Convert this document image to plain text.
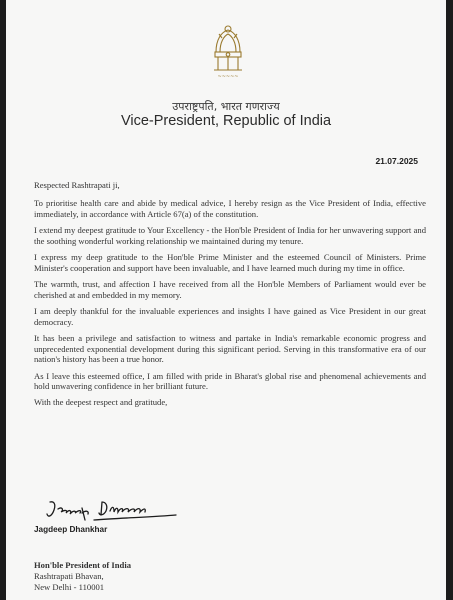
~~~~~
उपराष्ट्रपति, भारत गणराज्य
Vice-President, Republic of India
21.07.2025

Respected Rashtrapati ji,

To prioritise health care and abide by medical advice, I hereby resign as the Vice President of India, effective immediately, in accordance with Article 67(a) of the constitution.

I extend my deepest gratitude to Your Excellency - the Hon'ble President of India for her unwavering support and the soothing wonderful working relationship we maintained during my tenure.

I express my deep gratitude to the Hon'ble Prime Minister and the esteemed Council of Ministers. Prime Minister's cooperation and support have been invaluable, and I have learned much during my time in office.

The warmth, trust, and affection I have received from all the Hon'ble Members of Parliament would ever be cherished at and embedded in my memory.

I am deeply thankful for the invaluable experiences and insights I have gained as Vice President in our great democracy.

It has been a privilege and satisfaction to witness and partake in India's remarkable economic progress and unprecedented exponential development during this significant period. Serving in this transformative era of our nation's history has been a true honor.

As I leave this esteemed office, I am filled with pride in Bharat's global rise and phenomenal achievements and hold unwavering confidence in her brilliant future.

With the deepest respect and gratitude,

Jagdeep Dhankhar
Hon'ble President of India
Rashtrapati Bhavan,
New Delhi - 110001
